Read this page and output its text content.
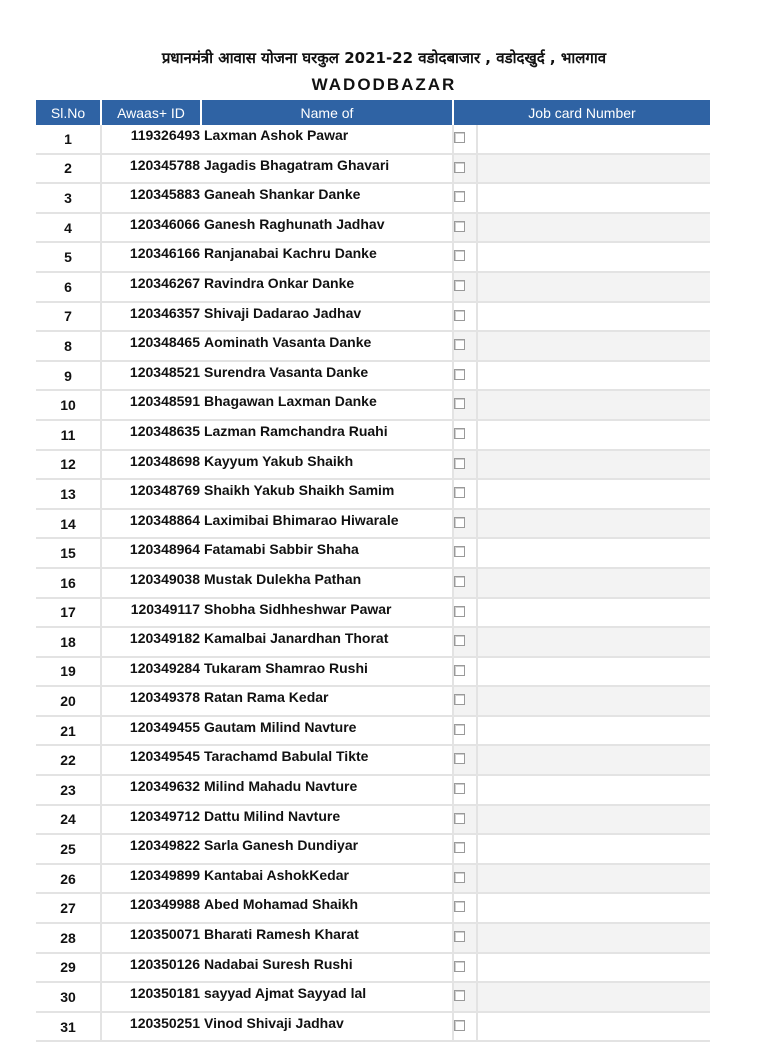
प्रधानमंत्री आवास योजना घरकुल 2021-22 वडोदबाजार , वडोदखुर्द , भालगाव
WADODBAZAR
Sl.No	Awaas+ ID	Name of	Job card Number
1	119326493	Laxman Ashok Pawar	

2	120345788	Jagadis Bhagatram Ghavari	

3	120345883	Ganeah Shankar Danke	

4	120346066	Ganesh Raghunath Jadhav	

5	120346166	Ranjanabai Kachru Danke	

6	120346267	Ravindra Onkar Danke	

7	120346357	Shivaji Dadarao Jadhav	

8	120348465	Aominath Vasanta Danke	

9	120348521	Surendra Vasanta Danke	

10	120348591	Bhagawan Laxman Danke	

11	120348635	Lazman Ramchandra Ruahi	

12	120348698	Kayyum Yakub Shaikh	

13	120348769	Shaikh Yakub Shaikh Samim	

14	120348864	Laximibai Bhimarao Hiwarale	

15	120348964	Fatamabi Sabbir Shaha	

16	120349038	Mustak Dulekha Pathan	

17	120349117	Shobha Sidhheshwar Pawar	

18	120349182	Kamalbai Janardhan Thorat	

19	120349284	Tukaram Shamrao Rushi	

20	120349378	Ratan Rama Kedar	

21	120349455	Gautam Milind Navture	

22	120349545	Tarachamd Babulal Tikte	

23	120349632	Milind Mahadu Navture	

24	120349712	Dattu Milind Navture	

25	120349822	Sarla Ganesh Dundiyar	

26	120349899	Kantabai AshokKedar	

27	120349988	Abed Mohamad Shaikh	

28	120350071	Bharati Ramesh Kharat	

29	120350126	Nadabai Suresh Rushi	

30	120350181	sayyad Ajmat Sayyad lal	

31	120350251	Vinod Shivaji Jadhav	
